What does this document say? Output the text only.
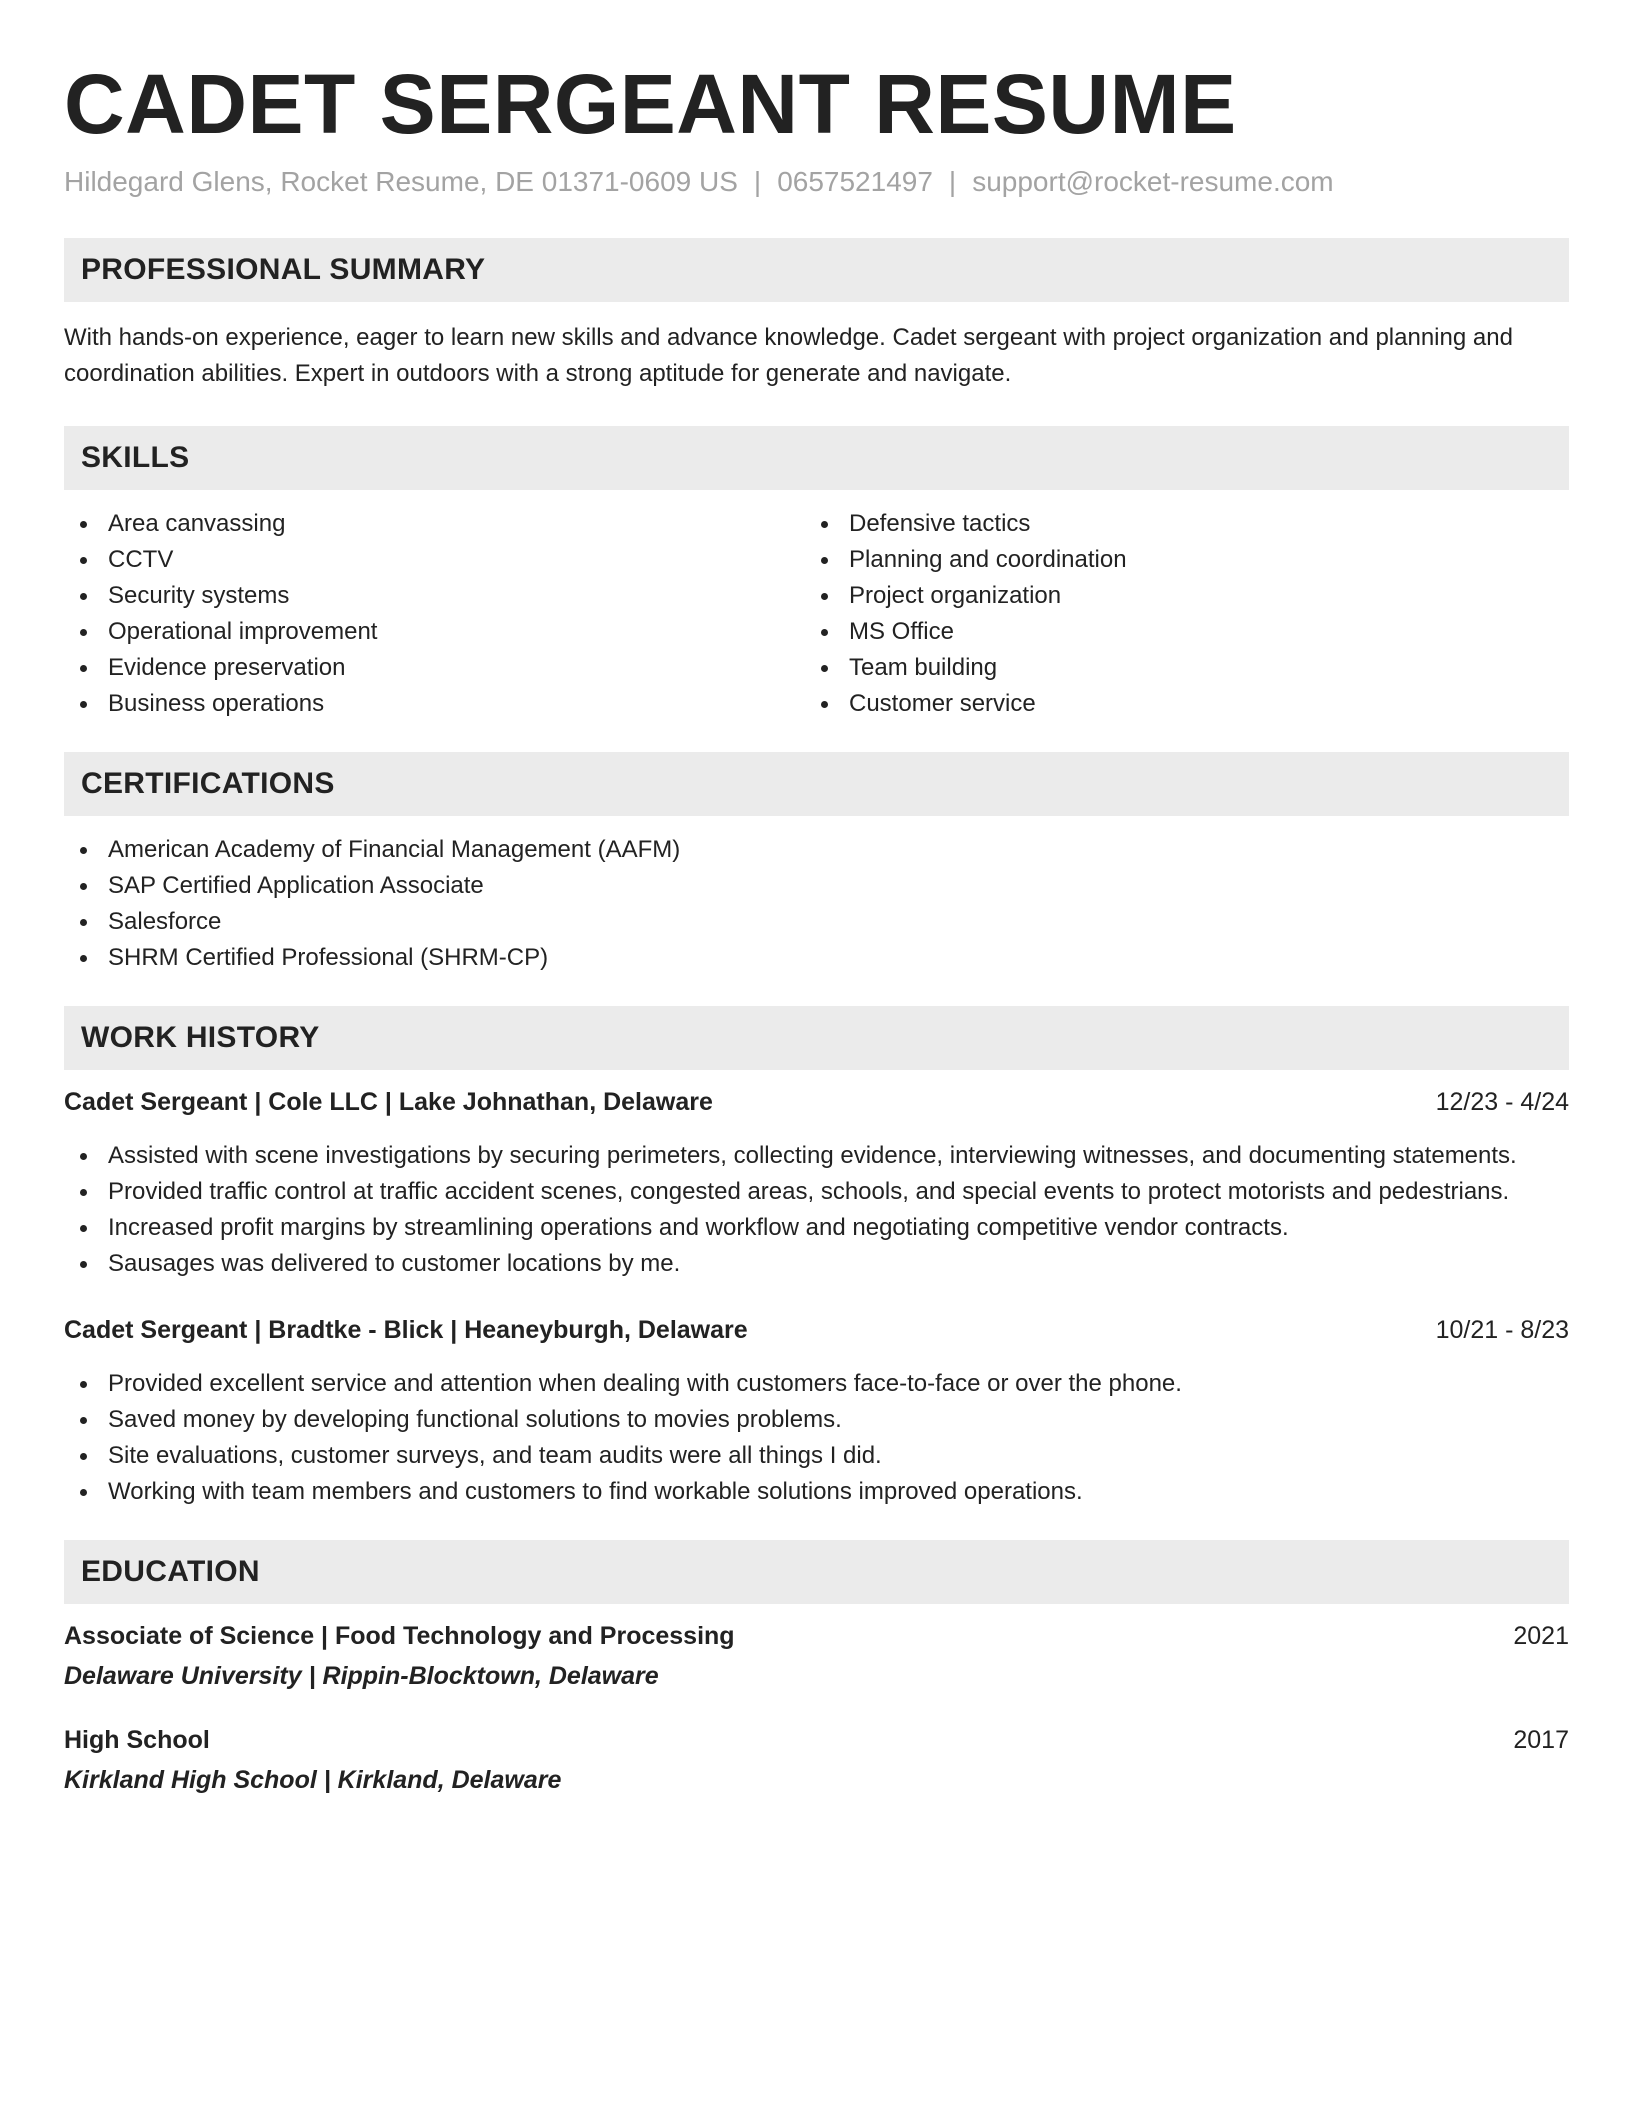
CADET SERGEANT RESUME
Hildegard Glens, Rocket Resume, DE 01371-0609 US | 0657521497 | support@rocket-resume.com
PROFESSIONAL SUMMARY

With hands-on experience, eager to learn new skills and advance knowledge. Cadet sergeant with project organization and planning and coordination abilities. Expert in outdoors with a strong aptitude for generate and navigate.

SKILLS
Area canvassing
CCTV
Security systems
Operational improvement
Evidence preservation
Business operations
Defensive tactics
Planning and coordination
Project organization
MS Office
Team building
Customer service
CERTIFICATIONS
American Academy of Financial Management (AAFM)
SAP Certified Application Associate
Salesforce
SHRM Certified Professional (SHRM-CP)
WORK HISTORY
Cadet Sergeant | Cole LLC | Lake Johnathan, Delaware	12/23 - 4/24
Assisted with scene investigations by securing perimeters, collecting evidence, interviewing witnesses, and documenting statements.
Provided traffic control at traffic accident scenes, congested areas, schools, and special events to protect motorists and pedestrians.
Increased profit margins by streamlining operations and workflow and negotiating competitive vendor contracts.
Sausages was delivered to customer locations by me.
Cadet Sergeant | Bradtke - Blick | Heaneyburgh, Delaware	10/21 - 8/23
Provided excellent service and attention when dealing with customers face-to-face or over the phone.
Saved money by developing functional solutions to movies problems.
Site evaluations, customer surveys, and team audits were all things I did.
Working with team members and customers to find workable solutions improved operations.
EDUCATION
Associate of Science | Food Technology and Processing	2021
Delaware University | Rippin-Blocktown, Delaware
High School	2017
Kirkland High School | Kirkland, Delaware
